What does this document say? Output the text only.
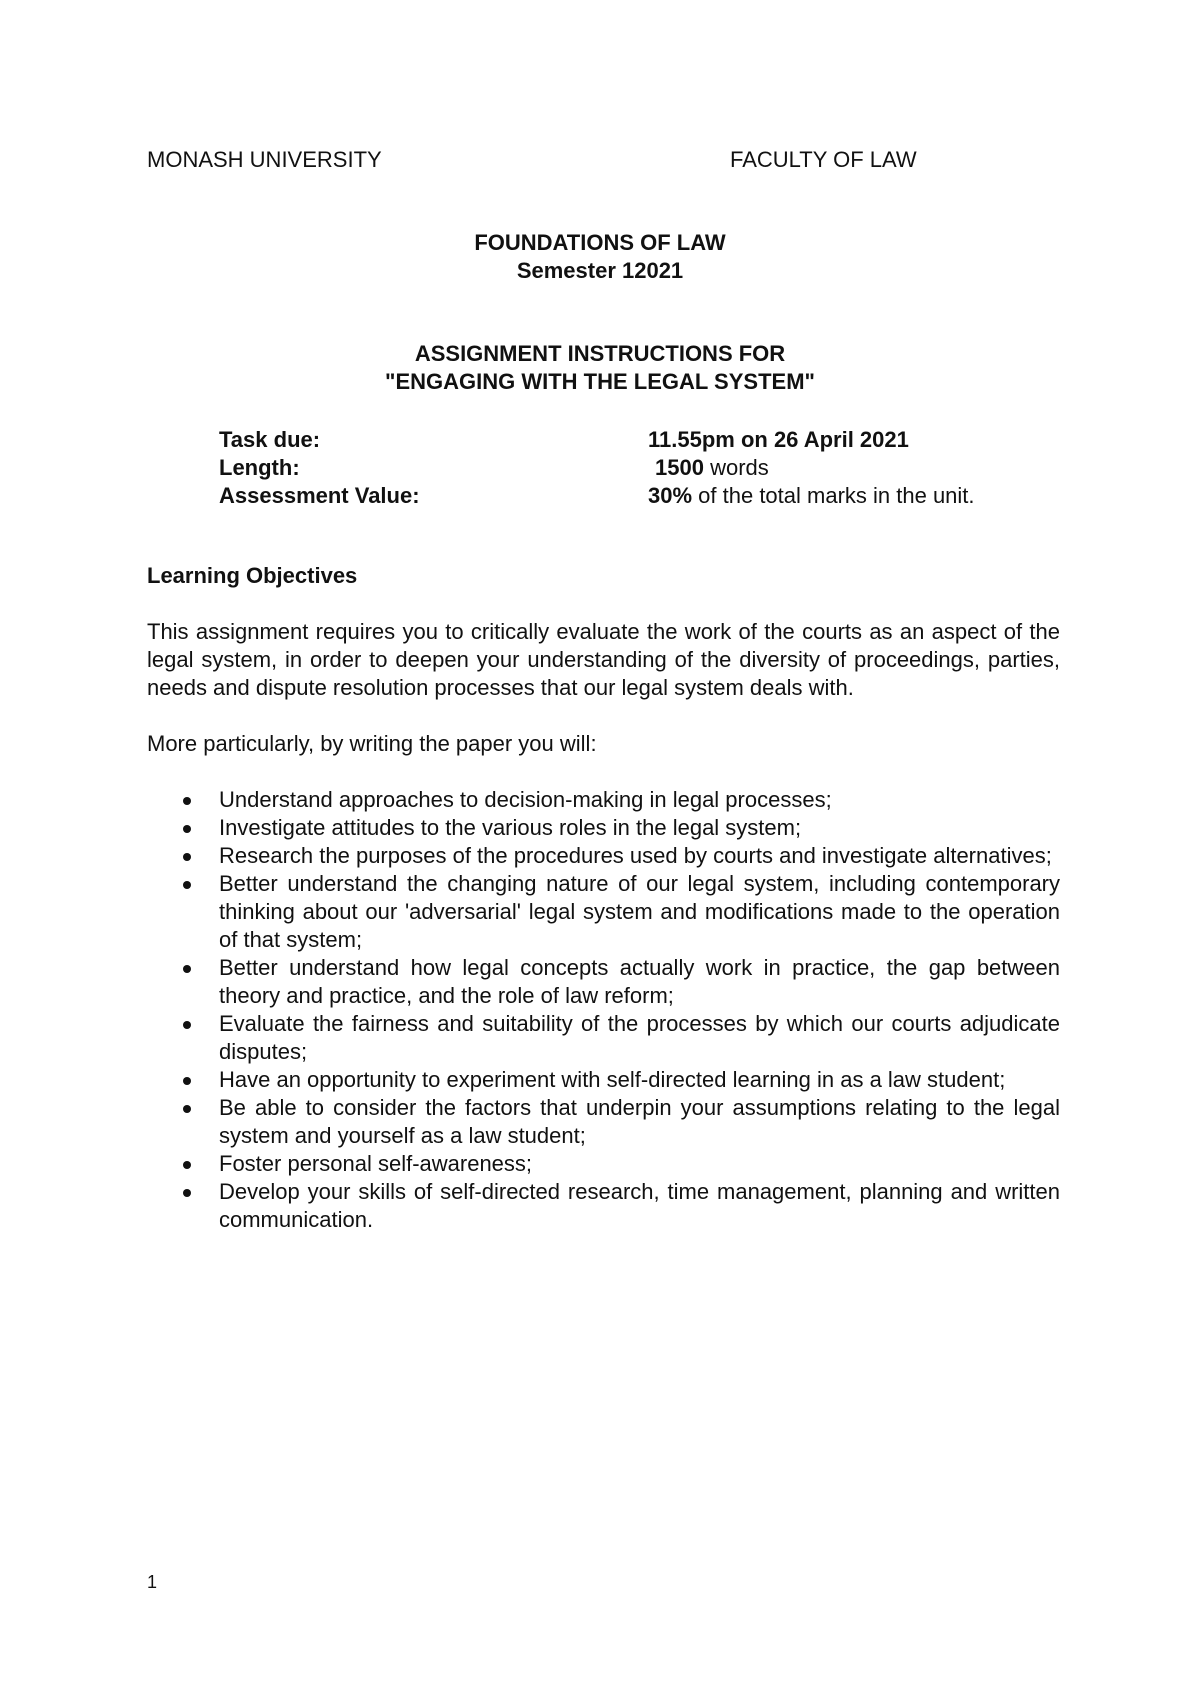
MONASH UNIVERSITY	FACULTY OF LAW
FOUNDATIONS OF LAW
Semester 12021
ASSIGNMENT INSTRUCTIONS FOR
"ENGAGING WITH THE LEGAL SYSTEM"
Task due:	11.55pm on 26 April 2021
Length:	1500 words
Assessment Value:	30% of the total marks in the unit.
Learning Objectives
This assignment requires you to critically evaluate the work of the courts as an aspect of the legal system, in order to deepen your understanding of the diversity of proceedings, parties, needs and dispute resolution processes that our legal system deals with.
More particularly, by writing the paper you will:
Understand approaches to decision-making in legal processes;
Investigate attitudes to the various roles in the legal system;
Research the purposes of the procedures used by courts and investigate alternatives;
Better understand the changing nature of our legal system, including contemporary thinking about our 'adversarial' legal system and modifications made to the operation of that system;
Better understand how legal concepts actually work in practice, the gap between theory and practice, and the role of law reform;
Evaluate the fairness and suitability of the processes by which our courts adjudicate disputes;
Have an opportunity to experiment with self-directed learning in as a law student;
Be able to consider the factors that underpin your assumptions relating to the legal system and yourself as a law student;
Foster personal self-awareness;
Develop your skills of self-directed research, time management, planning and written communication.
1
